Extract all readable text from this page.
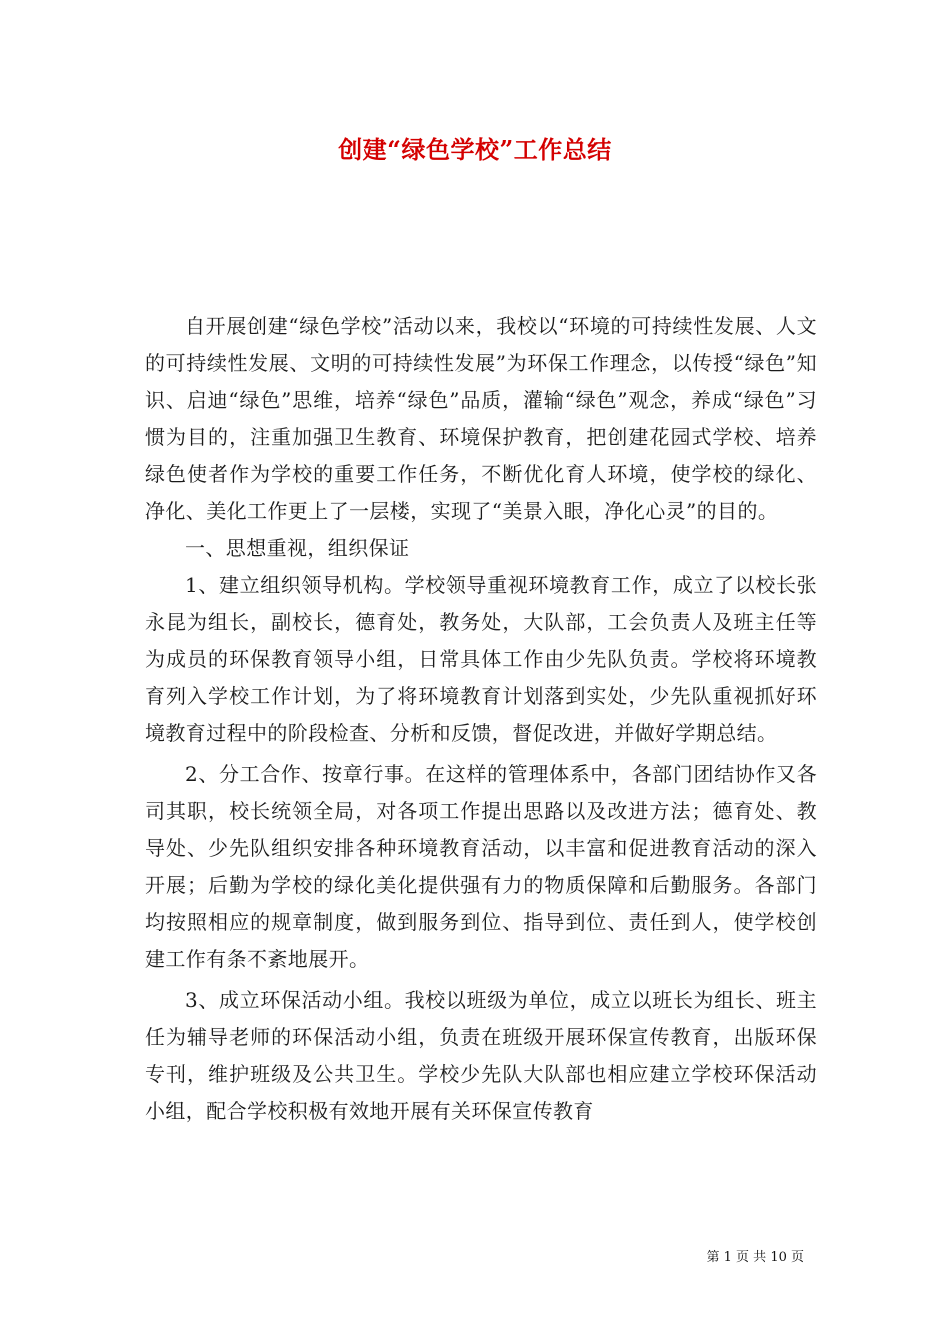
创建“绿色学校”工作总结

自开展创建“绿色学校”活动以来，我校以“环境的可持续性发展、人文的可持续性发展、文明的可持续性发展”为环保工作理念，以传授“绿色”知识、启迪“绿色”思维，培养“绿色”品质，灌输“绿色”观念，养成“绿色”习惯为目的，注重加强卫生教育、环境保护教育，把创建花园式学校、培养绿色使者作为学校的重要工作任务，不断优化育人环境，使学校的绿化、净化、美化工作更上了一层楼，实现了“美景入眼，净化心灵”的目的。

一、思想重视，组织保证

1、建立组织领导机构。学校领导重视环境教育工作，成立了以校长张永昆为组长，副校长，德育处，教务处，大队部，工会负责人及班主任等为成员的环保教育领导小组，日常具体工作由少先队负责。学校将环境教育列入学校工作计划，为了将环境教育计划落到实处，少先队重视抓好环境教育过程中的阶段检查、分析和反馈，督促改进，并做好学期总结。

2、分工合作、按章行事。在这样的管理体系中，各部门团结协作又各司其职，校长统领全局，对各项工作提出思路以及改进方法；德育处、教导处、少先队组织安排各种环境教育活动，以丰富和促进教育活动的深入开展；后勤为学校的绿化美化提供强有力的物质保障和后勤服务。各部门均按照相应的规章制度，做到服务到位、指导到位、责任到人，使学校创建工作有条不紊地展开。

3、成立环保活动小组。我校以班级为单位，成立以班长为组长、班主任为辅导老师的环保活动小组，负责在班级开展环保宣传教育，出版环保专刊，维护班级及公共卫生。学校少先队大队部也相应建立学校环保活动小组，配合学校积极有效地开展有关环保宣传教育

第 1 页 共 10 页
